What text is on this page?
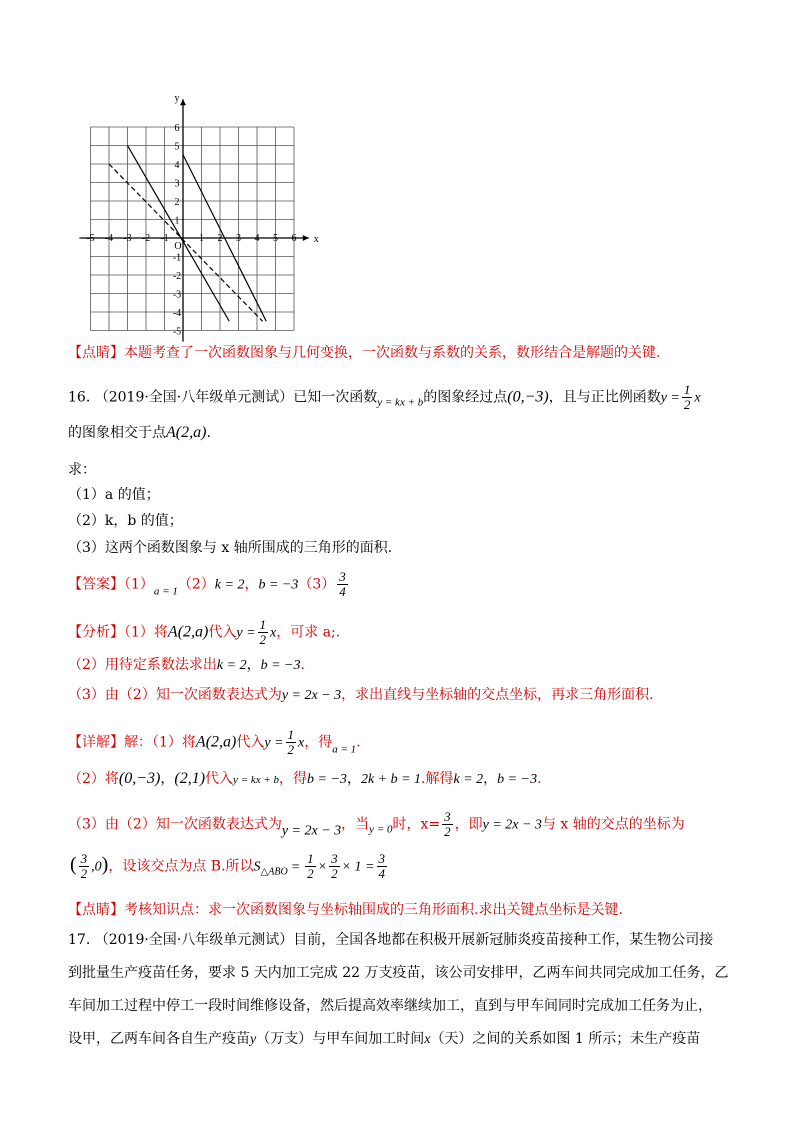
x
y
O
-5 -4 -3 -2 -1	1 2 3 4 5 6
6
5
4
3
2
1
-1
-2
-3
-4
-5
【点睛】本题考查了一次函数图象与几何变换，一次函数与系数的关系，数形结合是解题的关键.
16. （2019·全国·八年级单元测试）已知一次函数$_{y = kx + b}$的图象经过点(0,−3)，且与正比例函数$y = \frac{1}{2}$ x
的图象相交于点A(2,a).
求：
（1）a 的值；
（2）k，b 的值；
（3）这两个函数图象与 x 轴所围成的三角形的面积.
【答案】$(1)_{a = 1}(2)k = 2$，$b = -3(3) \frac{3}{4}$
【分析】（1）将A(2,a)代入$y = \frac{1}{2}$ x，可求 a;.
（2）用待定系数法求出k = 2，b = −3.
（3）由（2）知一次函数表达式为y = 2x − 3，求出直线与坐标轴的交点坐标，再求三角形面积.
【详解】解：（1）将A(2,a)代入$y = \frac{1}{2}$ x，得$_{a = 1}$.
（2）将(0,−3)，(2,1)代入y = kx + b，得b = −3，2k + b = 1.解得k = 2，b = −3.
（3）由（2）知一次函数表达式为y = 2x − 3，当$_{y = 0}$时，$x= \frac{3}{2}$ ，即y = 2x − 3与 x 轴的交点的坐标为
( $\frac{3}{2} ,0$)，设该交点为点 B.所以$S_{\triangle ABO} = \frac{1}{2} \times \frac{3}{2} \times 1 = \frac{3}{4}$
【点睛】考核知识点：求一次函数图象与坐标轴围成的三角形面积.求出关键点坐标是关键.
17. （2019·全国·八年级单元测试）目前，全国各地都在积极开展新冠肺炎疫苗接种工作，某生物公司接
到批量生产疫苗任务，要求 5 天内加工完成 22 万支疫苗，该公司安排甲，乙两车间共同完成加工任务，乙
车间加工过程中停工一段时间维修设备，然后提高效率继续加工，直到与甲车间同时完成加工任务为止，
设甲，乙两车间各自生产疫苗y（万支）与甲车间加工时间x（天）之间的关系如图 1 所示；未生产疫苗
